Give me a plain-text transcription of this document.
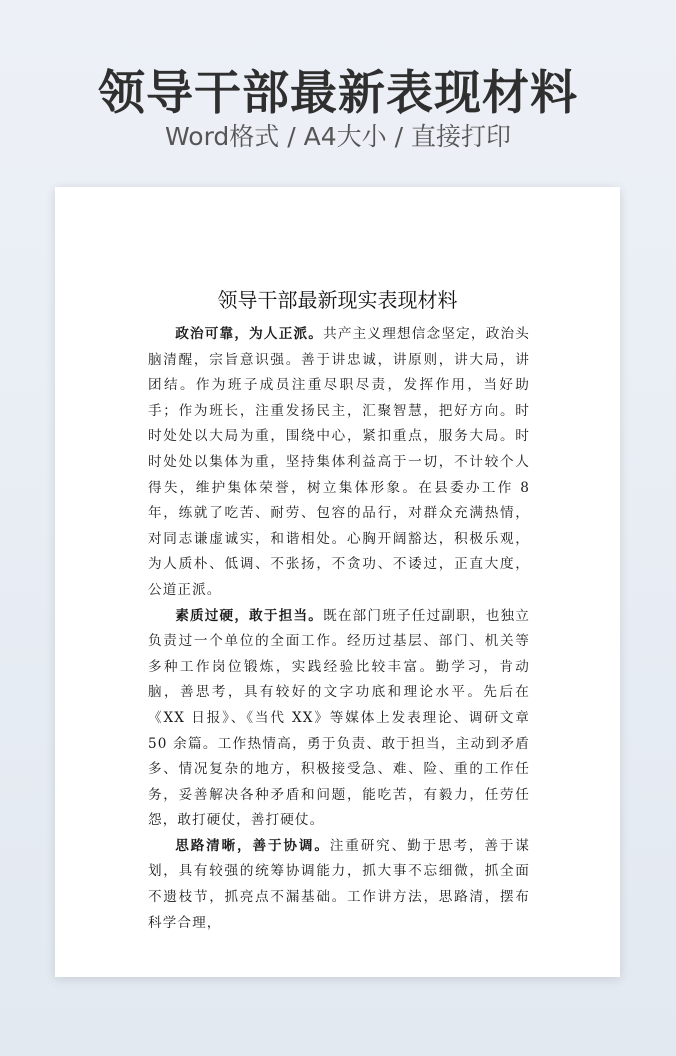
领导干部最新表现材料
Word格式 / A4大小 / 直接打印
领导干部最新现实表现材料

政治可靠，为人正派。共产主义理想信念坚定，政治头脑清醒，宗旨意识强。善于讲忠诚，讲原则，讲大局，讲团结。作为班子成员注重尽职尽责，发挥作用，当好助手；作为班长，注重发扬民主，汇聚智慧，把好方向。时时处处以大局为重，围绕中心，紧扣重点，服务大局。时时处处以集体为重，坚持集体利益高于一切，不计较个人得失，维护集体荣誉，树立集体形象。在县委办工作 8 年，练就了吃苦、耐劳、包容的品行，对群众充满热情，对同志谦虚诚实，和谐相处。心胸开阔豁达，积极乐观，为人质朴、低调、不张扬，不贪功、不诿过，正直大度，公道正派。

素质过硬，敢于担当。既在部门班子任过副职，也独立负责过一个单位的全面工作。经历过基层、部门、机关等多种工作岗位锻炼，实践经验比较丰富。勤学习，肯动脑，善思考，具有较好的文字功底和理论水平。先后在《XX 日报》、《当代 XX》等媒体上发表理论、调研文章 50 余篇。工作热情高，勇于负责、敢于担当，主动到矛盾多、情况复杂的地方，积极接受急、难、险、重的工作任务，妥善解决各种矛盾和问题，能吃苦，有毅力，任劳任怨，敢打硬仗，善打硬仗。

思路清晰，善于协调。注重研究、勤于思考，善于谋划，具有较强的统筹协调能力，抓大事不忘细微，抓全面不遗枝节，抓亮点不漏基础。工作讲方法，思路清，摆布科学合理，
